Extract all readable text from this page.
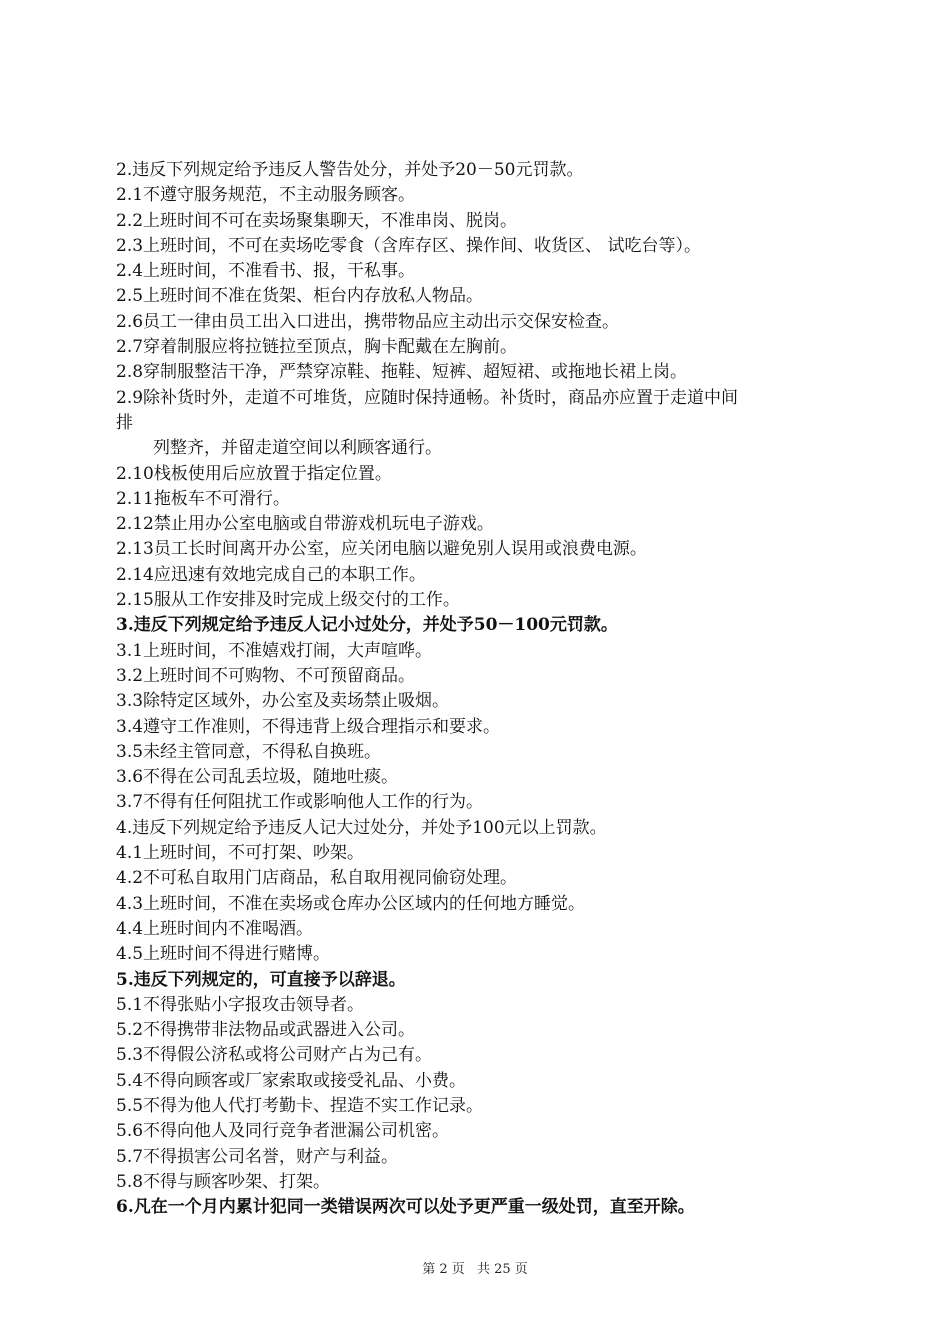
2.违反下列规定给予违反人警告处分，并处予20－50元罚款。
2.1不遵守服务规范，不主动服务顾客。
2.2上班时间不可在卖场聚集聊天，不准串岗、脱岗。
2.3上班时间，不可在卖场吃零食（含库存区、操作间、收货区、 试吃台等）。
2.4上班时间，不准看书、报，干私事。
2.5上班时间不准在货架、柜台内存放私人物品。
2.6员工一律由员工出入口进出，携带物品应主动出示交保安检查。
2.7穿着制服应将拉链拉至顶点，胸卡配戴在左胸前。
2.8穿制服整洁干净，严禁穿凉鞋、拖鞋、短裤、超短裙、或拖地长裙上岗。
2.9除补货时外，走道不可堆货，应随时保持通畅。补货时，商品亦应置于走道中间
排
列整齐，并留走道空间以利顾客通行。
2.10栈板使用后应放置于指定位置。
2.11拖板车不可滑行。
2.12禁止用办公室电脑或自带游戏机玩电子游戏。
2.13员工长时间离开办公室，应关闭电脑以避免别人误用或浪费电源。
2.14应迅速有效地完成自己的本职工作。
2.15服从工作安排及时完成上级交付的工作。
3.违反下列规定给予违反人记小过处分，并处予50－100元罚款。
3.1上班时间，不准嬉戏打闹，大声喧哗。
3.2上班时间不可购物、不可预留商品。
3.3除特定区域外，办公室及卖场禁止吸烟。
3.4遵守工作准则，不得违背上级合理指示和要求。
3.5未经主管同意，不得私自换班。
3.6不得在公司乱丢垃圾，随地吐痰。
3.7不得有任何阻扰工作或影响他人工作的行为。
4.违反下列规定给予违反人记大过处分，并处予100元以上罚款。
4.1上班时间，不可打架、吵架。
4.2不可私自取用门店商品，私自取用视同偷窃处理。
4.3上班时间，不准在卖场或仓库办公区域内的任何地方睡觉。
4.4上班时间内不准喝酒。
4.5上班时间不得进行赌博。
5.违反下列规定的，可直接予以辞退。
5.1不得张贴小字报攻击领导者。
5.2不得携带非法物品或武器进入公司。
5.3不得假公济私或将公司财产占为己有。
5.4不得向顾客或厂家索取或接受礼品、小费。
5.5不得为他人代打考勤卡、捏造不实工作记录。
5.6不得向他人及同行竞争者泄漏公司机密。
5.7不得损害公司名誉，财产与利益。
5.8不得与顾客吵架、打架。
6.凡在一个月内累计犯同一类错误两次可以处予更严重一级处罚，直至开除。
第 2 页 共 25 页
